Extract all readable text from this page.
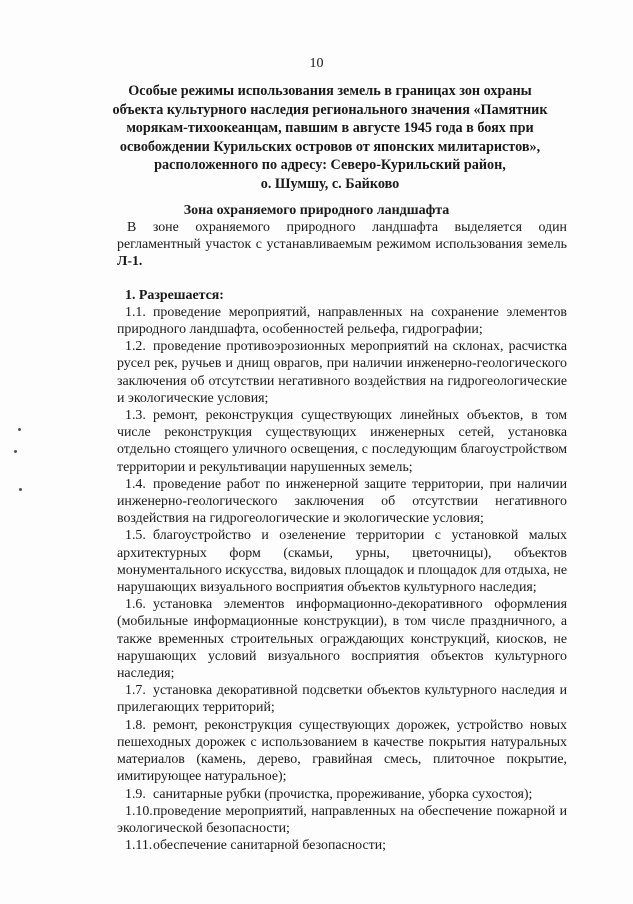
10
Особые режимы использования земель в границах зон охраны
объекта культурного наследия регионального значения «Памятник
морякам-тихоокеанцам, павшим в августе 1945 года в боях при
освобождении Курильских островов от японских милитаристов»,
расположенного по адресу: Северо-Курильский район,
о. Шумшу, с. Байково
Зона охраняемого природного ландшафта

В зоне охраняемого природного ландшафта выделяется один регламентный участок с устанавливаемым режимом использования земель Л-1.

1. Разрешается:

1.1. проведение мероприятий, направленных на сохранение элементов природного ландшафта, особенностей рельефа, гидрографии;

1.2. проведение противоэрозионных мероприятий на склонах, расчистка русел рек, ручьев и днищ оврагов, при наличии инженерно-геологического заключения об отсутствии негативного воздействия на гидрогеологические и экологические условия;

1.3. ремонт, реконструкция существующих линейных объектов, в том числе реконструкция существующих инженерных сетей, установка отдельно стоящего уличного освещения, с последующим благоустройством территории и рекультивации нарушенных земель;

1.4. проведение работ по инженерной защите территории, при наличии инженерно-геологического заключения об отсутствии негативного воздействия на гидрогеологические и экологические условия;

1.5. благоустройство и озеленение территории с установкой малых архитектурных форм (скамьи, урны, цветочницы), объектов монументального искусства, видовых площадок и площадок для отдыха, не нарушающих визуального восприятия объектов культурного наследия;

1.6. установка элементов информационно-декоративного оформления (мобильные информационные конструкции), в том числе праздничного, а также временных строительных ограждающих конструкций, киосков, не нарушающих условий визуального восприятия объектов культурного наследия;

1.7. установка декоративной подсветки объектов культурного наследия и прилегающих территорий;

1.8. ремонт, реконструкция существующих дорожек, устройство новых пешеходных дорожек с использованием в качестве покрытия натуральных материалов (камень, дерево, гравийная смесь, плиточное покрытие, имитирующее натуральное);

1.9. санитарные рубки (прочистка, прореживание, уборка сухостоя);

1.10.проведение мероприятий, направленных на обеспечение пожарной и экологической безопасности;

1.11.обеспечение санитарной безопасности;
